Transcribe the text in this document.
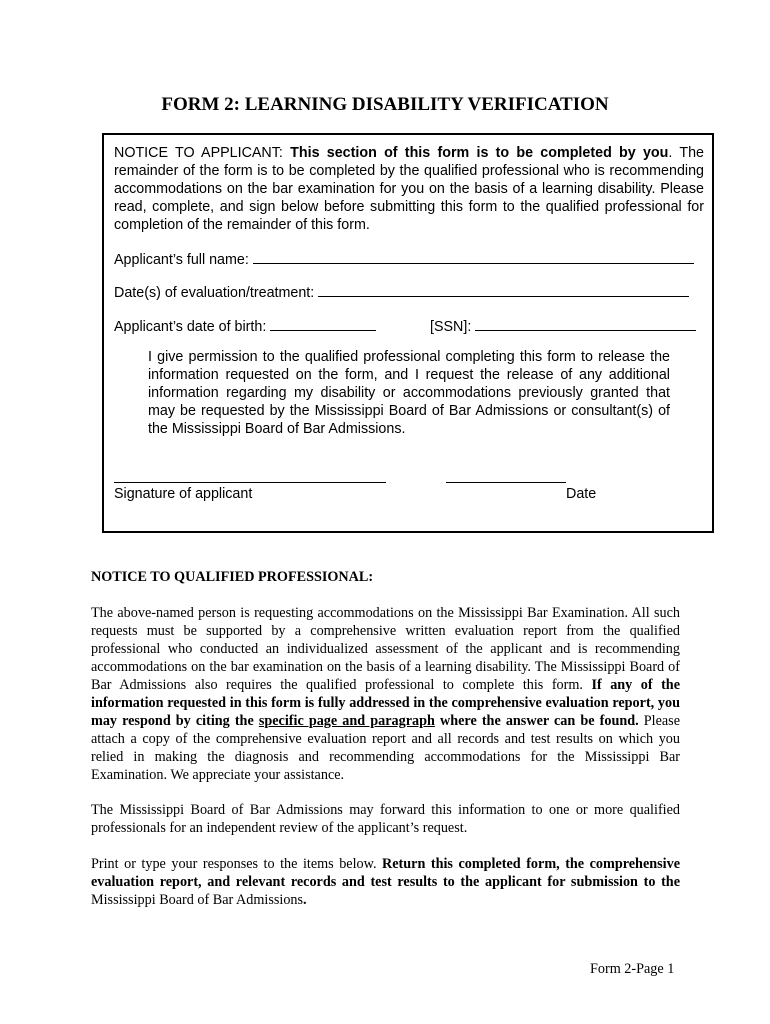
FORM 2: LEARNING DISABILITY VERIFICATION
NOTICE TO APPLICANT: This section of this form is to be completed by you. The remainder of the form is to be completed by the qualified professional who is recommending accommodations on the bar examination for you on the basis of a learning disability. Please read, complete, and sign below before submitting this form to the qualified professional for completion of the remainder of this form.
Applicant’s full name:
Date(s) of evaluation/treatment:
Applicant’s date of birth:	[SSN]:
I give permission to the qualified professional completing this form to release the information requested on the form, and I request the release of any additional information regarding my disability or accommodations previously granted that may be requested by the Mississippi Board of Bar Admissions or consultant(s) of the Mississippi Board of Bar Admissions.
Signature of applicant	Date
NOTICE TO QUALIFIED PROFESSIONAL:
The above-named person is requesting accommodations on the Mississippi Bar Examination. All such requests must be supported by a comprehensive written evaluation report from the qualified professional who conducted an individualized assessment of the applicant and is recommending accommodations on the bar examination on the basis of a learning disability. The Mississippi Board of Bar Admissions also requires the qualified professional to complete this form. If any of the information requested in this form is fully addressed in the comprehensive evaluation report, you may respond by citing the specific page and paragraph where the answer can be found. Please attach a copy of the comprehensive evaluation report and all records and test results on which you relied in making the diagnosis and recommending accommodations for the Mississippi Bar Examination. We appreciate your assistance.
The Mississippi Board of Bar Admissions may forward this information to one or more qualified professionals for an independent review of the applicant’s request.
Print or type your responses to the items below. Return this completed form, the comprehensive evaluation report, and relevant records and test results to the applicant for submission to the Mississippi Board of Bar Admissions.
Form 2-Page 1
